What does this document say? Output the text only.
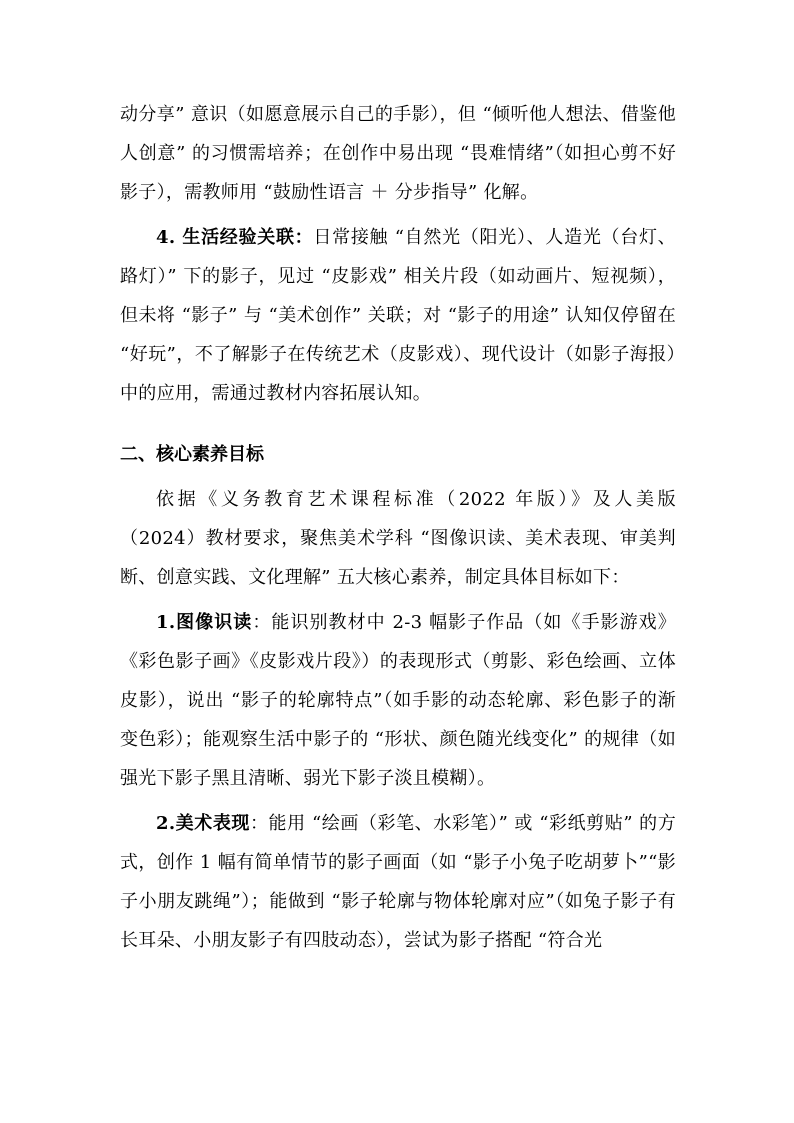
动分享” 意识（如愿意展示自己的手影），但 “倾听他人想法、借鉴他人创意” 的习惯需培养；在创作中易出现 “畏难情绪”（如担心剪不好影子），需教师用 “鼓励性语言 ＋ 分步指导” 化解。

4. 生活经验关联：日常接触 “自然光（阳光）、人造光（台灯、路灯）” 下的影子，见过 “皮影戏” 相关片段（如动画片、短视频），但未将 “影子” 与 “美术创作” 关联；对 “影子的用途” 认知仅停留在 “好玩”，不了解影子在传统艺术（皮影戏）、现代设计（如影子海报）中的应用，需通过教材内容拓展认知。

二、核心素养目标

依据《义务教育艺术课程标准（2022 年版）》及人美版（2024）教材要求，聚焦美术学科 “图像识读、美术表现、审美判断、创意实践、文化理解” 五大核心素养，制定具体目标如下：

1.图像识读：能识别教材中 2-3 幅影子作品（如《手影游戏》《彩色影子画》《皮影戏片段》）的表现形式（剪影、彩色绘画、立体皮影），说出 “影子的轮廓特点”（如手影的动态轮廓、彩色影子的渐变色彩）；能观察生活中影子的 “形状、颜色随光线变化” 的规律（如强光下影子黑且清晰、弱光下影子淡且模糊）。

2.美术表现：能用 “绘画（彩笔、水彩笔）” 或 “彩纸剪贴” 的方式，创作 1 幅有简单情节的影子画面（如 “影子小兔子吃胡萝卜”“影子小朋友跳绳”）；能做到 “影子轮廓与物体轮廓对应”（如兔子影子有长耳朵、小朋友影子有四肢动态），尝试为影子搭配 “符合光
